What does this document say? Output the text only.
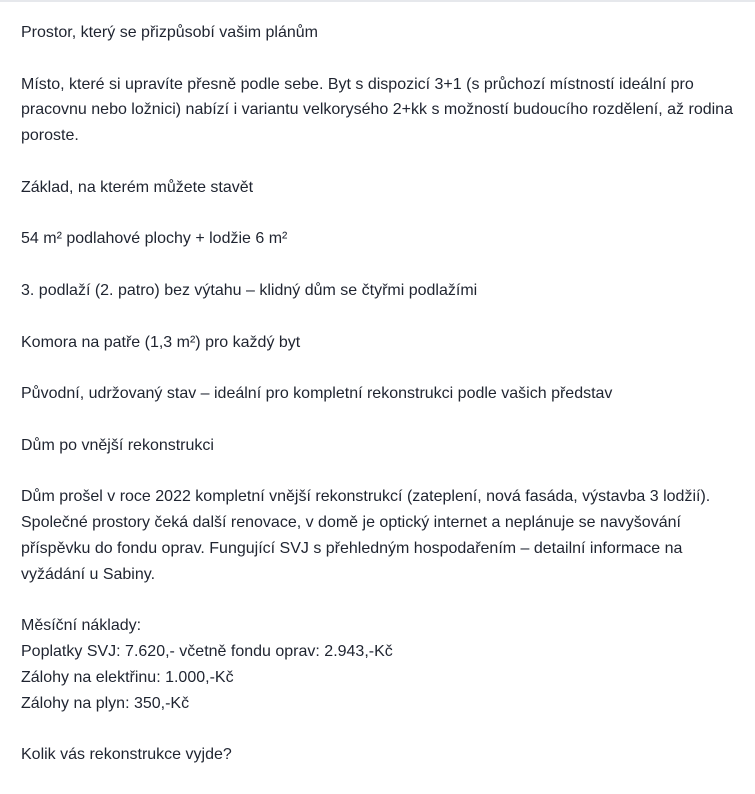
Prostor, který se přizpůsobí vašim plánům

Místo, které si upravíte přesně podle sebe. Byt s dispozicí 3+1 (s průchozí místností ideální pro pracovnu nebo ložnici) nabízí i variantu velkorysého 2+kk s možností budoucího rozdělení, až rodina poroste.

Základ, na kterém můžete stavět

54 m² podlahové plochy + lodžie 6 m²

3. podlaží (2. patro) bez výtahu – klidný dům se čtyřmi podlažími

Komora na patře (1,3 m²) pro každý byt

Původní, udržovaný stav – ideální pro kompletní rekonstrukci podle vašich představ

Dům po vnější rekonstrukci

Dům prošel v roce 2022 kompletní vnější rekonstrukcí (zateplení, nová fasáda, výstavba 3 lodžií). Společné prostory čeká další renovace, v domě je optický internet a neplánuje se navyšování příspěvku do fondu oprav. Fungující SVJ s přehledným hospodařením – detailní informace na vyžádání u Sabiny.

Měsíční náklady:

Poplatky SVJ: 7.620,- včetně fondu oprav: 2.943,-Kč

Zálohy na elektřinu: 1.000,-Kč

Zálohy na plyn: 350,-Kč

Kolik vás rekonstrukce vyjde?
